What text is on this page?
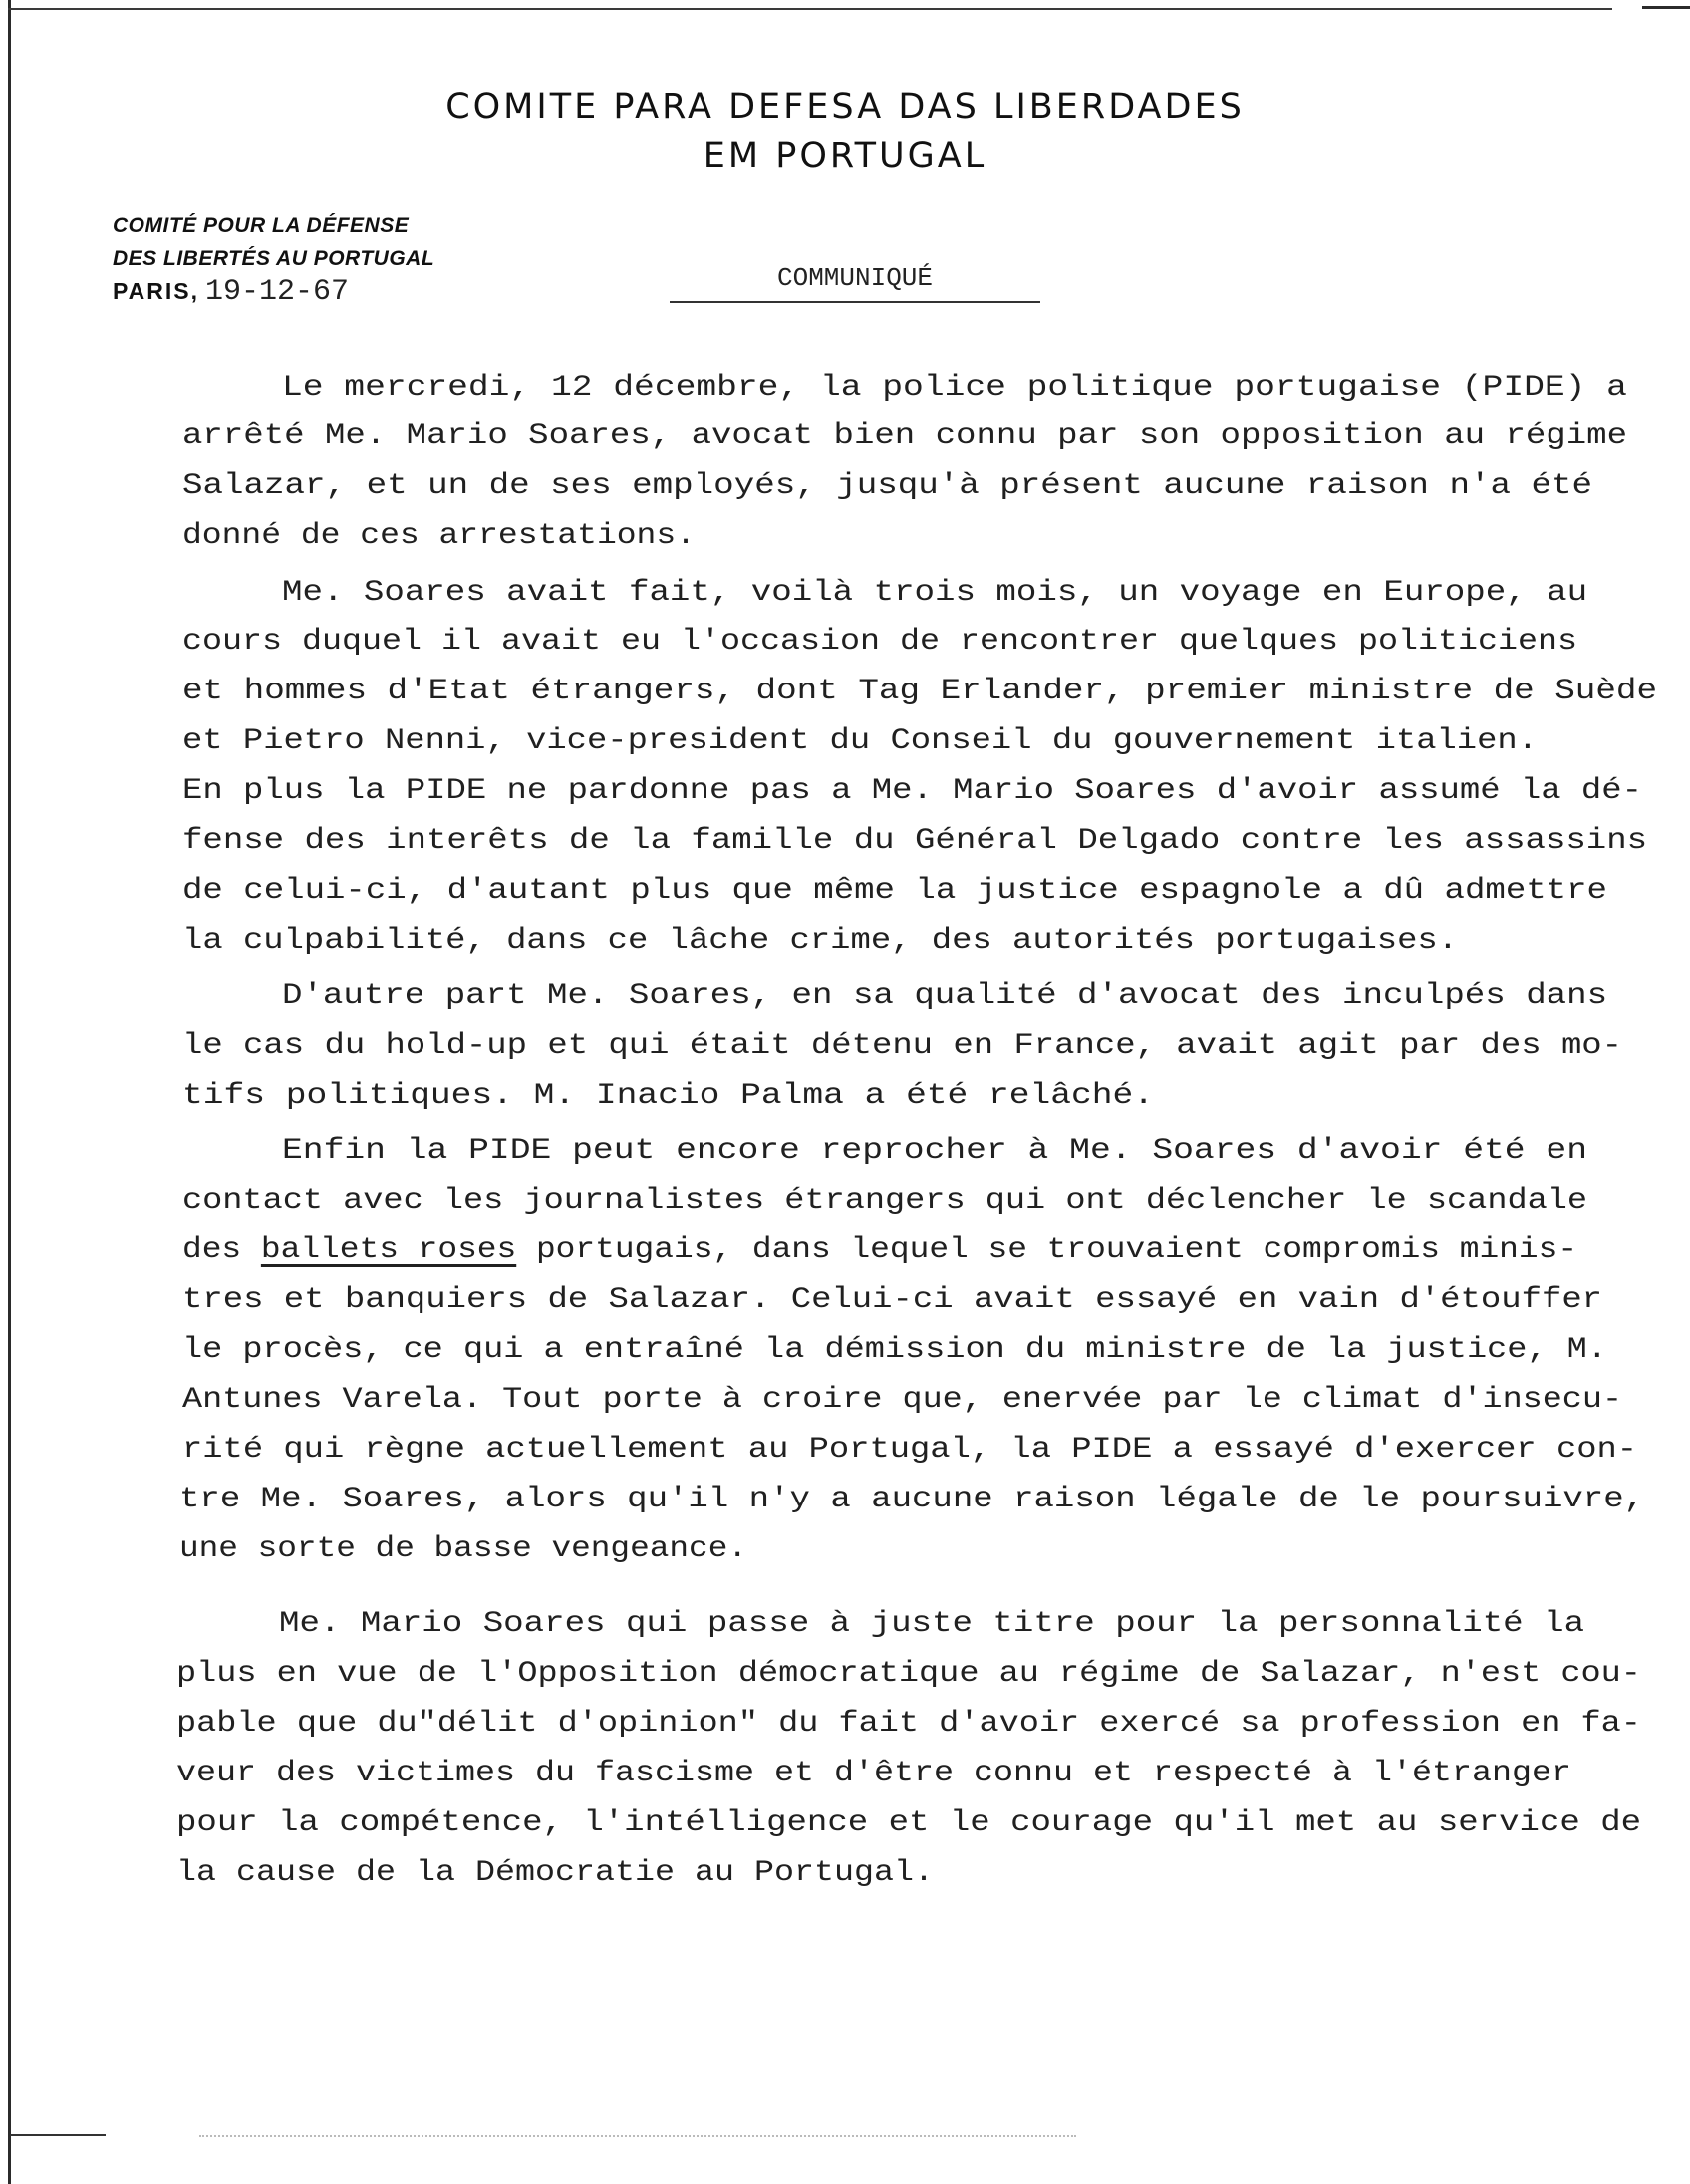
COMITE PARA DEFESA DAS LIBERDADES
EM PORTUGAL
COMITÉ POUR LA DÉFENSE
DES LIBERTÉS AU PORTUGAL
PARIS, 19-12-67	COMMUNIQUÉ
Le mercredi, 12 décembre, la police politique portugaise (PIDE) a
arrêté Me. Mario Soares, avocat bien connu par son opposition au régime
Salazar, et un de ses employés, jusqu'à présent aucune raison n'a été
donné de ces arrestations.
Me. Soares avait fait, voilà trois mois, un voyage en Europe, au
cours duquel il avait eu l'occasion de rencontrer quelques politiciens
et hommes d'Etat étrangers, dont Tag Erlander, premier ministre de Suède
et Pietro Nenni, vice-president du Conseil du gouvernement italien.
En plus la PIDE ne pardonne pas a Me. Mario Soares d'avoir assumé la dé-
fense des interêts de la famille du Général Delgado contre les assassins
de celui-ci, d'autant plus que même la justice espagnole a dû admettre
la culpabilité, dans ce lâche crime, des autorités portugaises.
D'autre part Me. Soares, en sa qualité d'avocat des inculpés dans
le cas du hold-up et qui était détenu en France, avait agit par des mo-
tifs politiques. M. Inacio Palma a été relâché.
Enfin la PIDE peut encore reprocher à Me. Soares d'avoir été en
contact avec les journalistes étrangers qui ont déclencher le scandale
des ballets roses portugais, dans lequel se trouvaient compromis minis-
tres et banquiers de Salazar. Celui-ci avait essayé en vain d'étouffer
le procès, ce qui a entraîné la démission du ministre de la justice, M.
Antunes Varela. Tout porte à croire que, enervée par le climat d'insecu-
rité qui règne actuellement au Portugal, la PIDE a essayé d'exercer con-
tre Me. Soares, alors qu'il n'y a aucune raison légale de le poursuivre,
une sorte de basse vengeance.
Me. Mario Soares qui passe à juste titre pour la personnalité la
plus en vue de l'Opposition démocratique au régime de Salazar, n'est cou-
pable que du"délit d'opinion" du fait d'avoir exercé sa profession en fa-
veur des victimes du fascisme et d'être connu et respecté à l'étranger
pour la compétence, l'intélligence et le courage qu'il met au service de
la cause de la Démocratie au Portugal.
